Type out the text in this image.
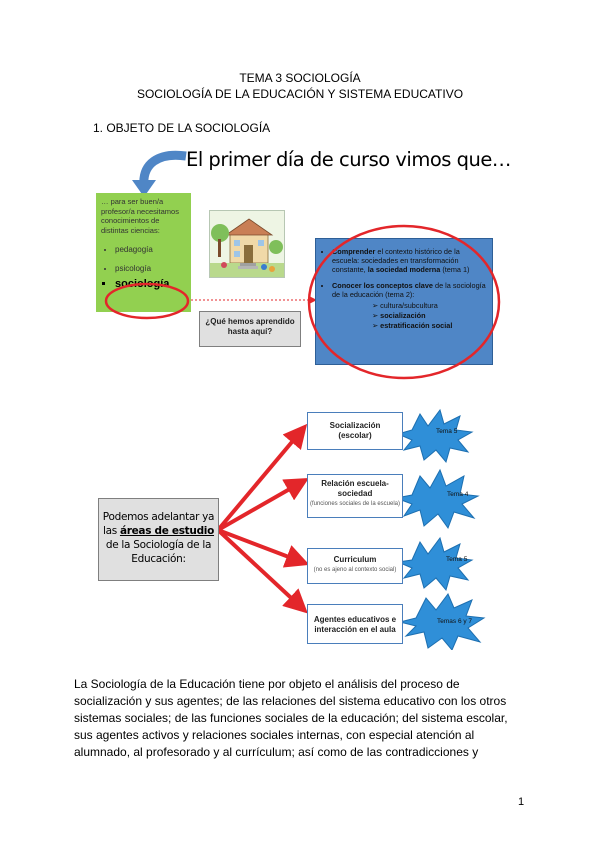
TEMA 3 SOCIOLOGÍA
SOCIOLOGÍA DE LA EDUCACIÓN Y SISTEMA EDUCATIVO
1. OBJETO DE LA SOCIOLOGÍA
El primer día de curso vimos que…
… para ser buen/a profesor/a necesitamos conocimientos de distintas ciencias:
• pedagogía
• psicología
▪ sociología
¿Qué hemos aprendido hasta aquí?
• Comprender el contexto histórico de la escuela: sociedades en transformación constante, la sociedad moderna (tema 1)
• Conocer los conceptos clave de la sociología de la educación (tema 2):
➢ cultura/subcultura
➢ socialización
➢ estratificación social
Podemos adelantar ya
las áreas de estudio
de la Sociología de la
Educación:
Tema 5
Tema 4
Tema 5
Temas 6 y 7
Socialización (escolar)
Relación escuela-sociedad
(funciones sociales de la escuela)
Curriculum
(no es ajeno al contexto social)
Agentes educativos e interacción en el aula
La Sociología de la Educación tiene por objeto el análisis del proceso de socialización y sus agentes; de las relaciones del sistema educativo con los otros sistemas sociales; de las funciones sociales de la educación; del sistema escolar, sus agentes activos y relaciones sociales internas, con especial atención al alumnado, al profesorado y al currículum; así como de las contradicciones y
1
